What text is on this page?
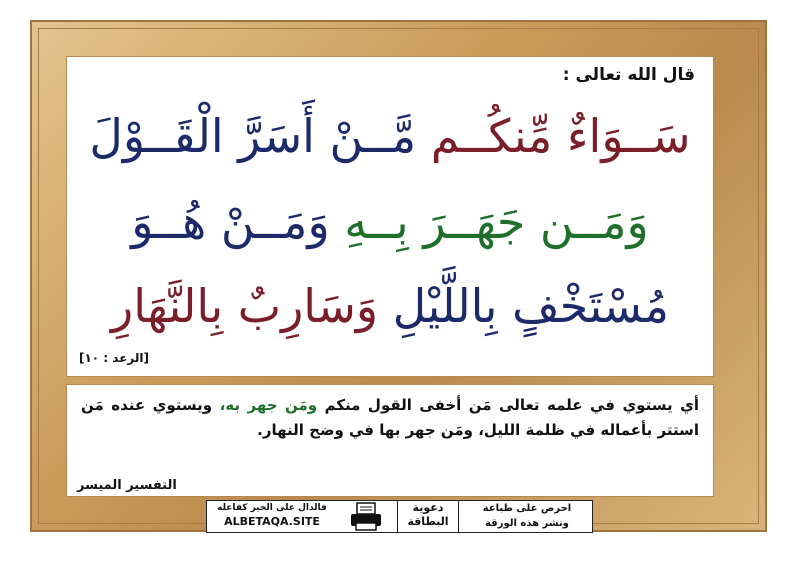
قال الله تعالى :
سَــوَاءٌ مِّنكُــم مَّــنْ أَسَرَّ الْقَــوْلَ
وَمَــن جَهَــرَ بِــهِ وَمَــنْ هُــوَ
مُسْتَخْفٍ بِاللَّيْلِ وَسَارِبٌ بِالنَّهَارِ
[الرعد : ١٠]
أي يستوي في علمه تعالى مَن أخفى القول منكم ومَن جهر به، ويستوي عنده مَن استتر بأعماله في ظلمة الليل، ومَن جهر بها في وضح النهار.
التفسير الميسر
فالدال على الخير كفاعله
ALBETAQA.SITE
دعوية
البطاقة
احرص على طباعة
ونشر هذه الورقة
